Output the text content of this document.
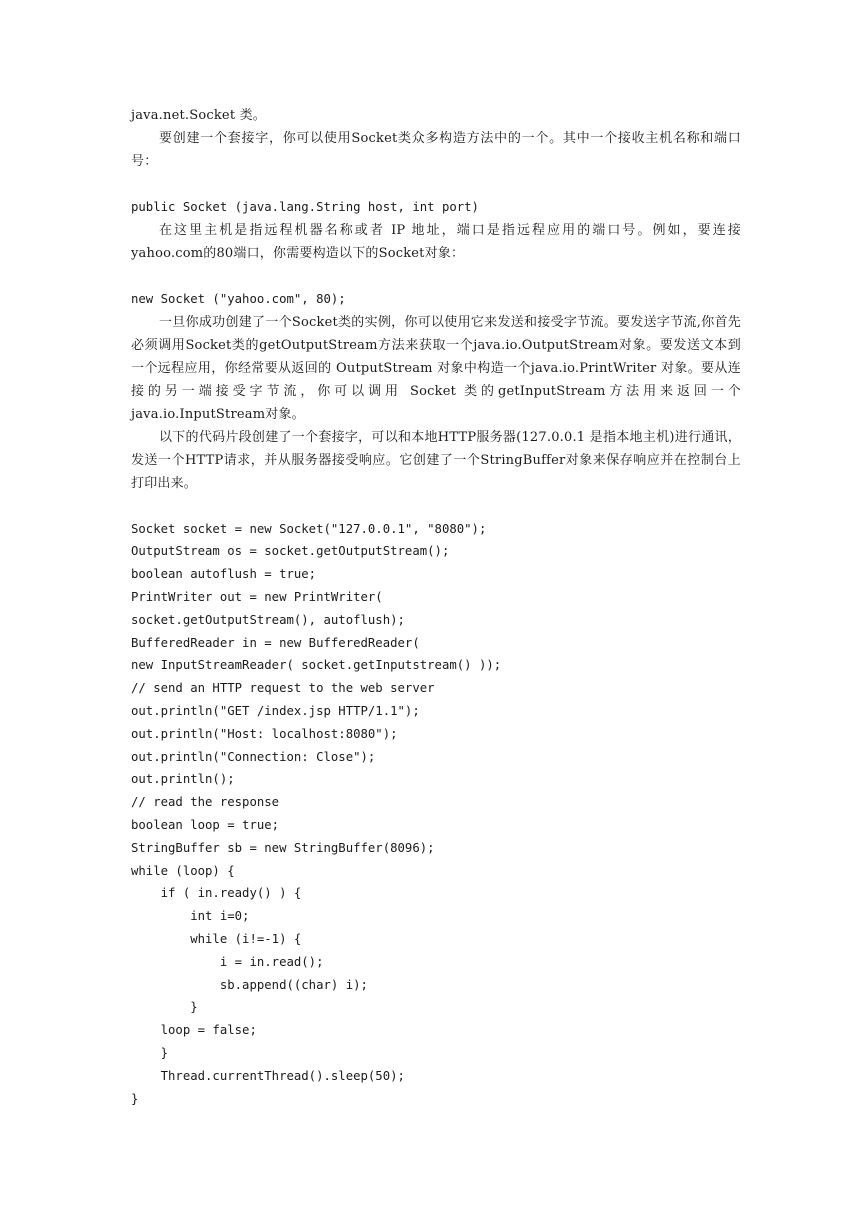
java.net.Socket 类。

要创建一个套接字，你可以使用Socket类众多构造方法中的一个。其中一个接收主机名称和端口号：

public Socket (java.lang.String host, int port)

在这里主机是指远程机器名称或者 IP 地址，端口是指远程应用的端口号。例如，要连接yahoo.com的80端口，你需要构造以下的Socket对象：

new Socket ("yahoo.com", 80);

一旦你成功创建了一个Socket类的实例，你可以使用它来发送和接受字节流。要发送字节流,你首先必须调用Socket类的getOutputStream方法来获取一个java.io.OutputStream对象。要发送文本到一个远程应用，你经常要从返回的 OutputStream 对象中构造一个java.io.PrintWriter 对象。要从连接的另一端接受字节流，你可以调用 Socket 类的getInputStream方法用来返回一个java.io.InputStream对象。

以下的代码片段创建了一个套接字，可以和本地HTTP服务器(127.0.0.1 是指本地主机)进行通讯，发送一个HTTP请求，并从服务器接受响应。它创建了一个StringBuffer对象来保存响应并在控制台上打印出来。

Socket socket = new Socket("127.0.0.1", "8080");
OutputStream os = socket.getOutputStream();
boolean autoflush = true;
PrintWriter out = new PrintWriter(
socket.getOutputStream(), autoflush);
BufferedReader in = new BufferedReader(
new InputStreamReader( socket.getInputstream() ));
// send an HTTP request to the web server
out.println("GET /index.jsp HTTP/1.1");
out.println("Host: localhost:8080");
out.println("Connection: Close");
out.println();
// read the response
boolean loop = true;
StringBuffer sb = new StringBuffer(8096);
while (loop) {
if ( in.ready() ) {
int i=0;
while (i!=-1) {
i = in.read();
sb.append((char) i);
}
loop = false;
}
Thread.currentThread().sleep(50);
}
